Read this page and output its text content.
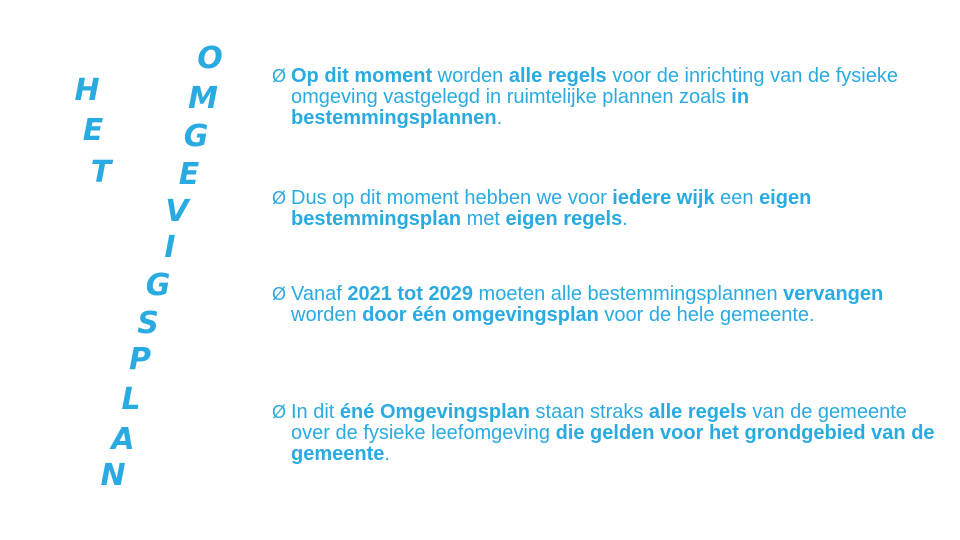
H
E
T
O
M
G
E
V
I
G
S
P
L
A
N
Ø Op dit moment worden alle regels voor de inrichting van de fysieke omgeving vastgelegd in ruimtelijke plannen zoals in bestemmingsplannen.
Ø Dus op dit moment hebben we voor iedere wijk een eigen bestemmingsplan met eigen regels.
Ø Vanaf 2021 tot 2029 moeten alle bestemmingsplannen vervangen worden door één omgevingsplan voor de hele gemeente.
Ø In dit éné Omgevingsplan staan straks alle regels van de gemeente over de fysieke leefomgeving die gelden voor het grondgebied van de gemeente.
